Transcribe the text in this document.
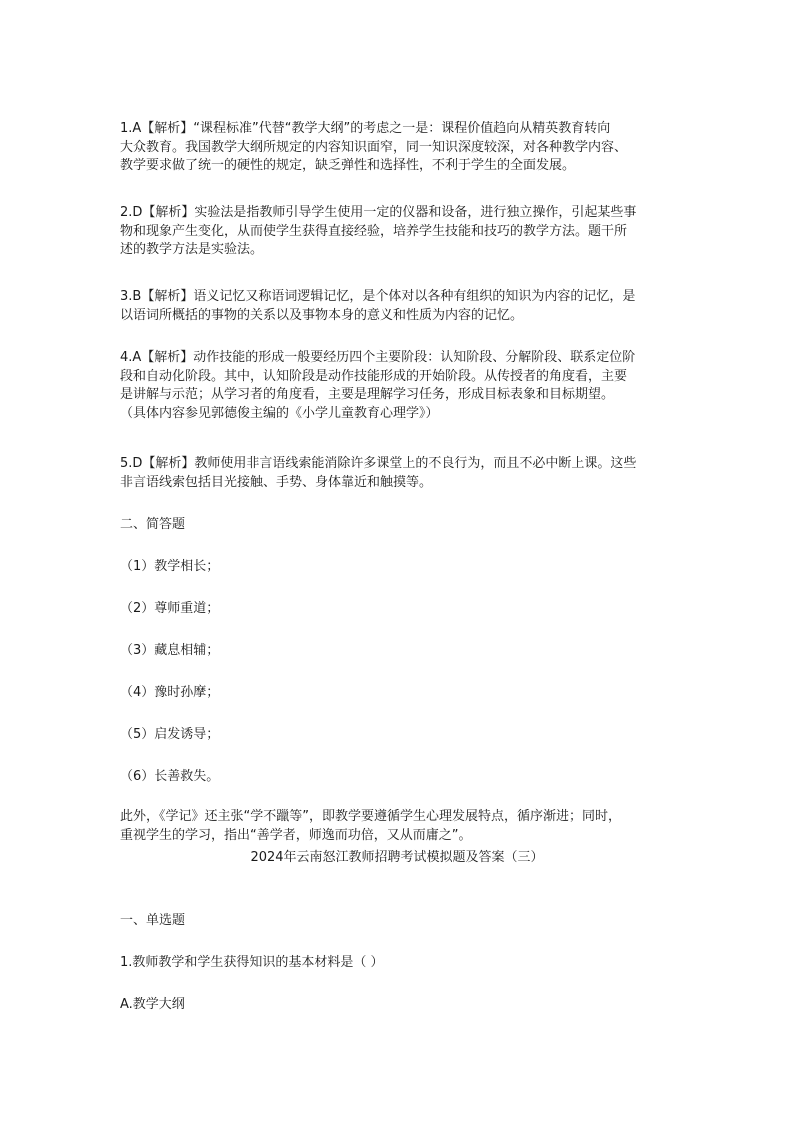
1.A【解析】“课程标准”代替“教学大纲”的考虑之一是：课程价值趋向从精英教育转向
大众教育。我国教学大纲所规定的内容知识面窄，同一知识深度较深，对各种教学内容、
教学要求做了统一的硬性的规定，缺乏弹性和选择性，不利于学生的全面发展。

2.D【解析】实验法是指教师引导学生使用一定的仪器和设备，进行独立操作，引起某些事
物和现象产生变化，从而使学生获得直接经验，培养学生技能和技巧的教学方法。题干所
述的教学方法是实验法。

3.B【解析】语义记忆又称语词逻辑记忆，是个体对以各种有组织的知识为内容的记忆，是
以语词所概括的事物的关系以及事物本身的意义和性质为内容的记忆。

4.A【解析】动作技能的形成一般要经历四个主要阶段：认知阶段、分解阶段、联系定位阶
段和自动化阶段。其中，认知阶段是动作技能形成的开始阶段。从传授者的角度看，主要
是讲解与示范；从学习者的角度看，主要是理解学习任务，形成目标表象和目标期望。
（具体内容参见郭德俊主编的《小学儿童教育心理学》）

5.D【解析】教师使用非言语线索能消除许多课堂上的不良行为，而且不必中断上课。这些
非言语线索包括目光接触、手势、身体靠近和触摸等。

二、简答题

（1）教学相长；

（2）尊师重道；

（3）藏息相辅；

（4）豫时孙摩；

（5）启发诱导；

（6）长善救失。

此外，《学记》还主张“学不躐等”，即教学要遵循学生心理发展特点，循序渐进；同时，
重视学生的学习，指出“善学者，师逸而功倍，又从而庸之”。

2024年云南怒江教师招聘考试模拟题及答案（三）

一、单选题

1.教师教学和学生获得知识的基本材料是（ ）

A.教学大纲
